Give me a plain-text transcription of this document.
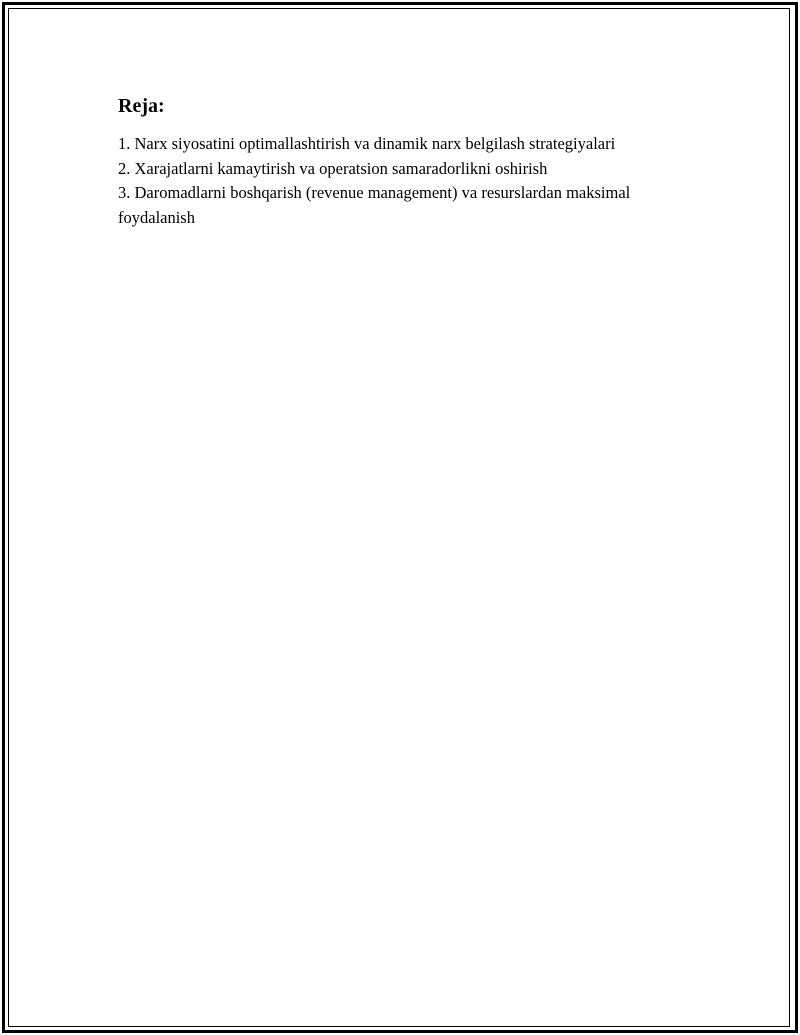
Reja:
1. Narx siyosatini optimallashtirish va dinamik narx belgilash strategiyalari
2. Xarajatlarni kamaytirish va operatsion samaradorlikni oshirish
3. Daromadlarni boshqarish (revenue management) va resurslardan maksimal foydalanish
